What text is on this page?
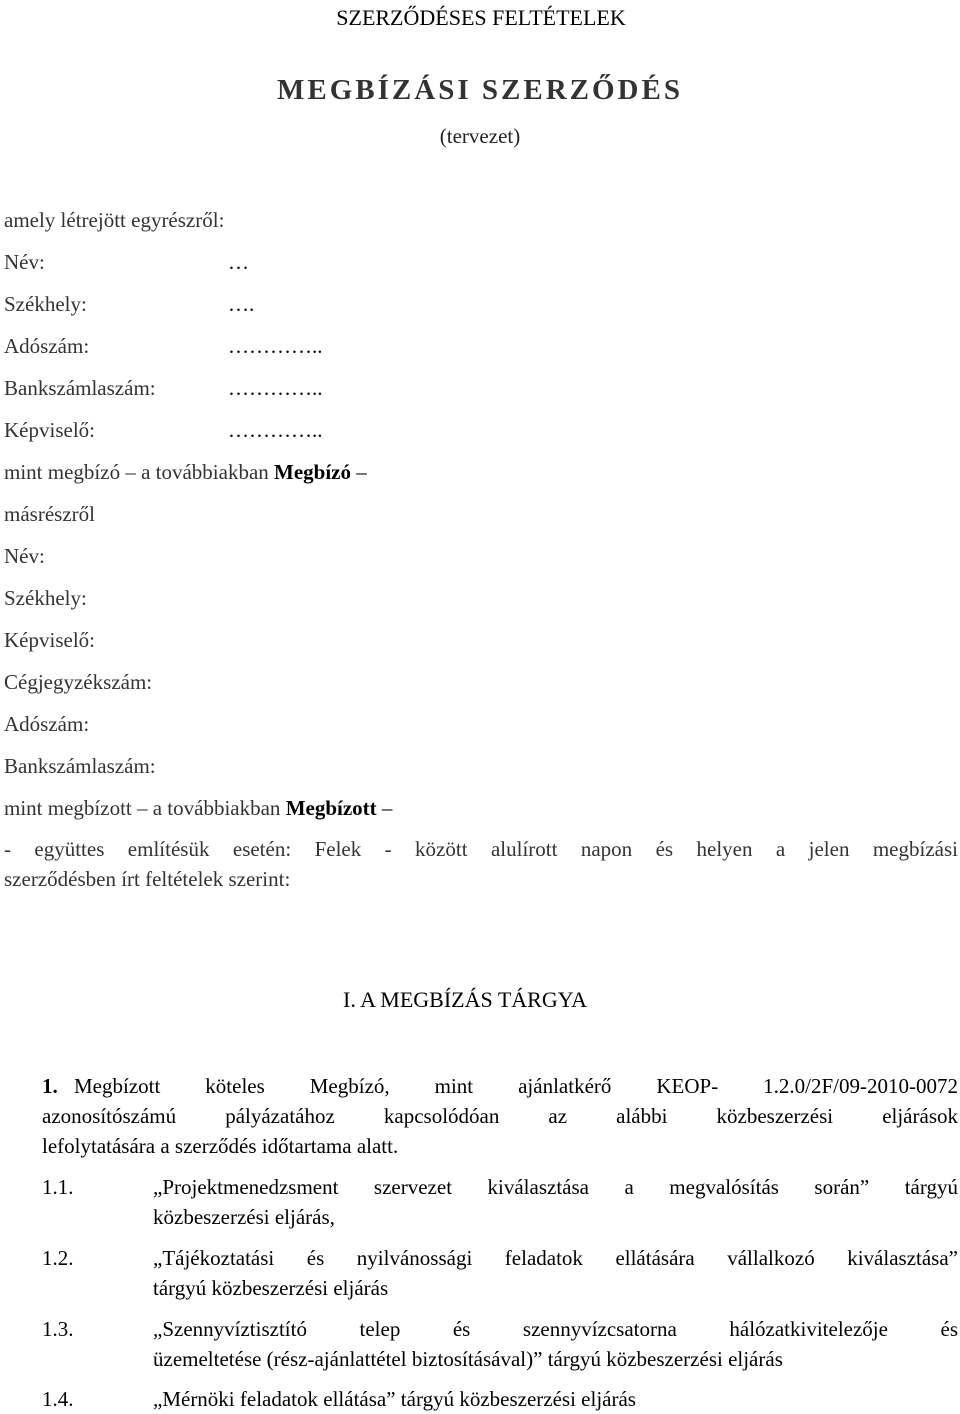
SZERZŐDÉSES FELTÉTELEK
MEGBÍZÁSI SZERZŐDÉS
(tervezet)
amely létrejött egyrészről:
Név:	…
Székhely:	….
Adószám:	…………..
Bankszámlaszám:	…………..
Képviselő:	…………..
mint megbízó – a továbbiakban Megbízó –
másrészről
Név:
Székhely:
Képviselő:
Cégjegyzékszám:
Adószám:
Bankszámlaszám:
mint megbízott – a továbbiakban Megbízott –
- együttes említésük esetén: Felek - között alulírott napon és helyen a jelen megbízási
szerződésben írt feltételek szerint:
I. A MEGBÍZÁS TÁRGYA
1. Megbízott köteles Megbízó, mint ajánlatkérő KEOP- 1.2.0/2F/09-2010-0072
azonosítószámú pályázatához kapcsolódóan az alábbi közbeszerzési eljárások
lefolytatására a szerződés időtartama alatt.
1.1.	„Projektmenedzsment szervezet kiválasztása a megvalósítás során” tárgyú
közbeszerzési eljárás,
1.2.	„Tájékoztatási és nyilvánossági feladatok ellátására vállalkozó kiválasztása”
tárgyú közbeszerzési eljárás
1.3.	„Szennyvíztisztító telep és szennyvízcsatorna hálózatkivitelezője és
üzemeltetése (rész-ajánlattétel biztosításával)” tárgyú közbeszerzési eljárás
1.4.	„Mérnöki feladatok ellátása” tárgyú közbeszerzési eljárás
